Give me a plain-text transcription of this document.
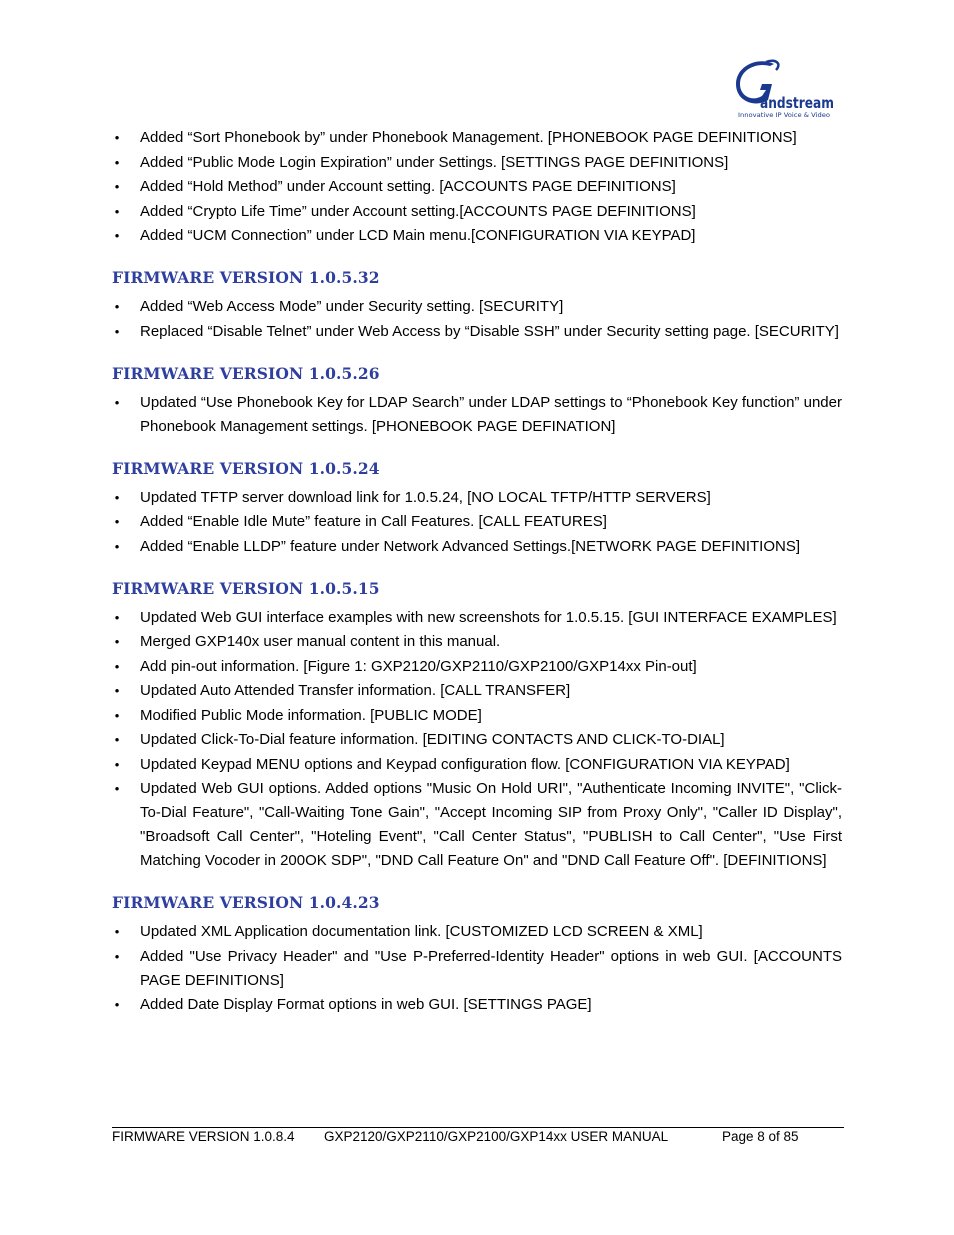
andstream
Innovative IP Voice & Video
• Added “Sort Phonebook by” under Phonebook Management. [PHONEBOOK PAGE DEFINITIONS]
• Added “Public Mode Login Expiration” under Settings. [SETTINGS PAGE DEFINITIONS]
• Added “Hold Method” under Account setting. [ACCOUNTS PAGE DEFINITIONS]
• Added “Crypto Life Time” under Account setting.[ACCOUNTS PAGE DEFINITIONS]
• Added “UCM Connection” under LCD Main menu.[CONFIGURATION VIA KEYPAD]
FIRMWARE VERSION 1.0.5.32
• Added “Web Access Mode” under Security setting. [SECURITY]
• Replaced “Disable Telnet” under Web Access by “Disable SSH” under Security setting page. [SECURITY]
FIRMWARE VERSION 1.0.5.26
• Updated “Use Phonebook Key for LDAP Search” under LDAP settings to “Phonebook Key function” under Phonebook Management settings. [PHONEBOOK PAGE DEFINATION]
FIRMWARE VERSION 1.0.5.24
• Updated TFTP server download link for 1.0.5.24, [NO LOCAL TFTP/HTTP SERVERS]
• Added “Enable Idle Mute” feature in Call Features. [CALL FEATURES]
• Added “Enable LLDP” feature under Network Advanced Settings.[NETWORK PAGE DEFINITIONS]
FIRMWARE VERSION 1.0.5.15
• Updated Web GUI interface examples with new screenshots for 1.0.5.15. [GUI INTERFACE EXAMPLES]
• Merged GXP140x user manual content in this manual.
• Add pin-out information. [Figure 1: GXP2120/GXP2110/GXP2100/GXP14xx Pin-out]
• Updated Auto Attended Transfer information. [CALL TRANSFER]
• Modified Public Mode information. [PUBLIC MODE]
• Updated Click-To-Dial feature information. [EDITING CONTACTS AND CLICK-TO-DIAL]
• Updated Keypad MENU options and Keypad configuration flow. [CONFIGURATION VIA KEYPAD]
• Updated Web GUI options. Added options "Music On Hold URI", "Authenticate Incoming INVITE", "Click-To-Dial Feature", "Call-Waiting Tone Gain", "Accept Incoming SIP from Proxy Only", "Caller ID Display", "Broadsoft Call Center", "Hoteling Event", "Call Center Status", "PUBLISH to Call Center", "Use First Matching Vocoder in 200OK SDP", "DND Call Feature On" and "DND Call Feature Off". [DEFINITIONS]
FIRMWARE VERSION 1.0.4.23
• Updated XML Application documentation link. [CUSTOMIZED LCD SCREEN & XML]
• Added "Use Privacy Header" and "Use P-Preferred-Identity Header" options in web GUI. [ACCOUNTS PAGE DEFINITIONS]
• Added Date Display Format options in web GUI. [SETTINGS PAGE]
FIRMWARE VERSION 1.0.8.4 GXP2120/GXP2110/GXP2100/GXP14xx USER MANUAL	Page 8 of 85
